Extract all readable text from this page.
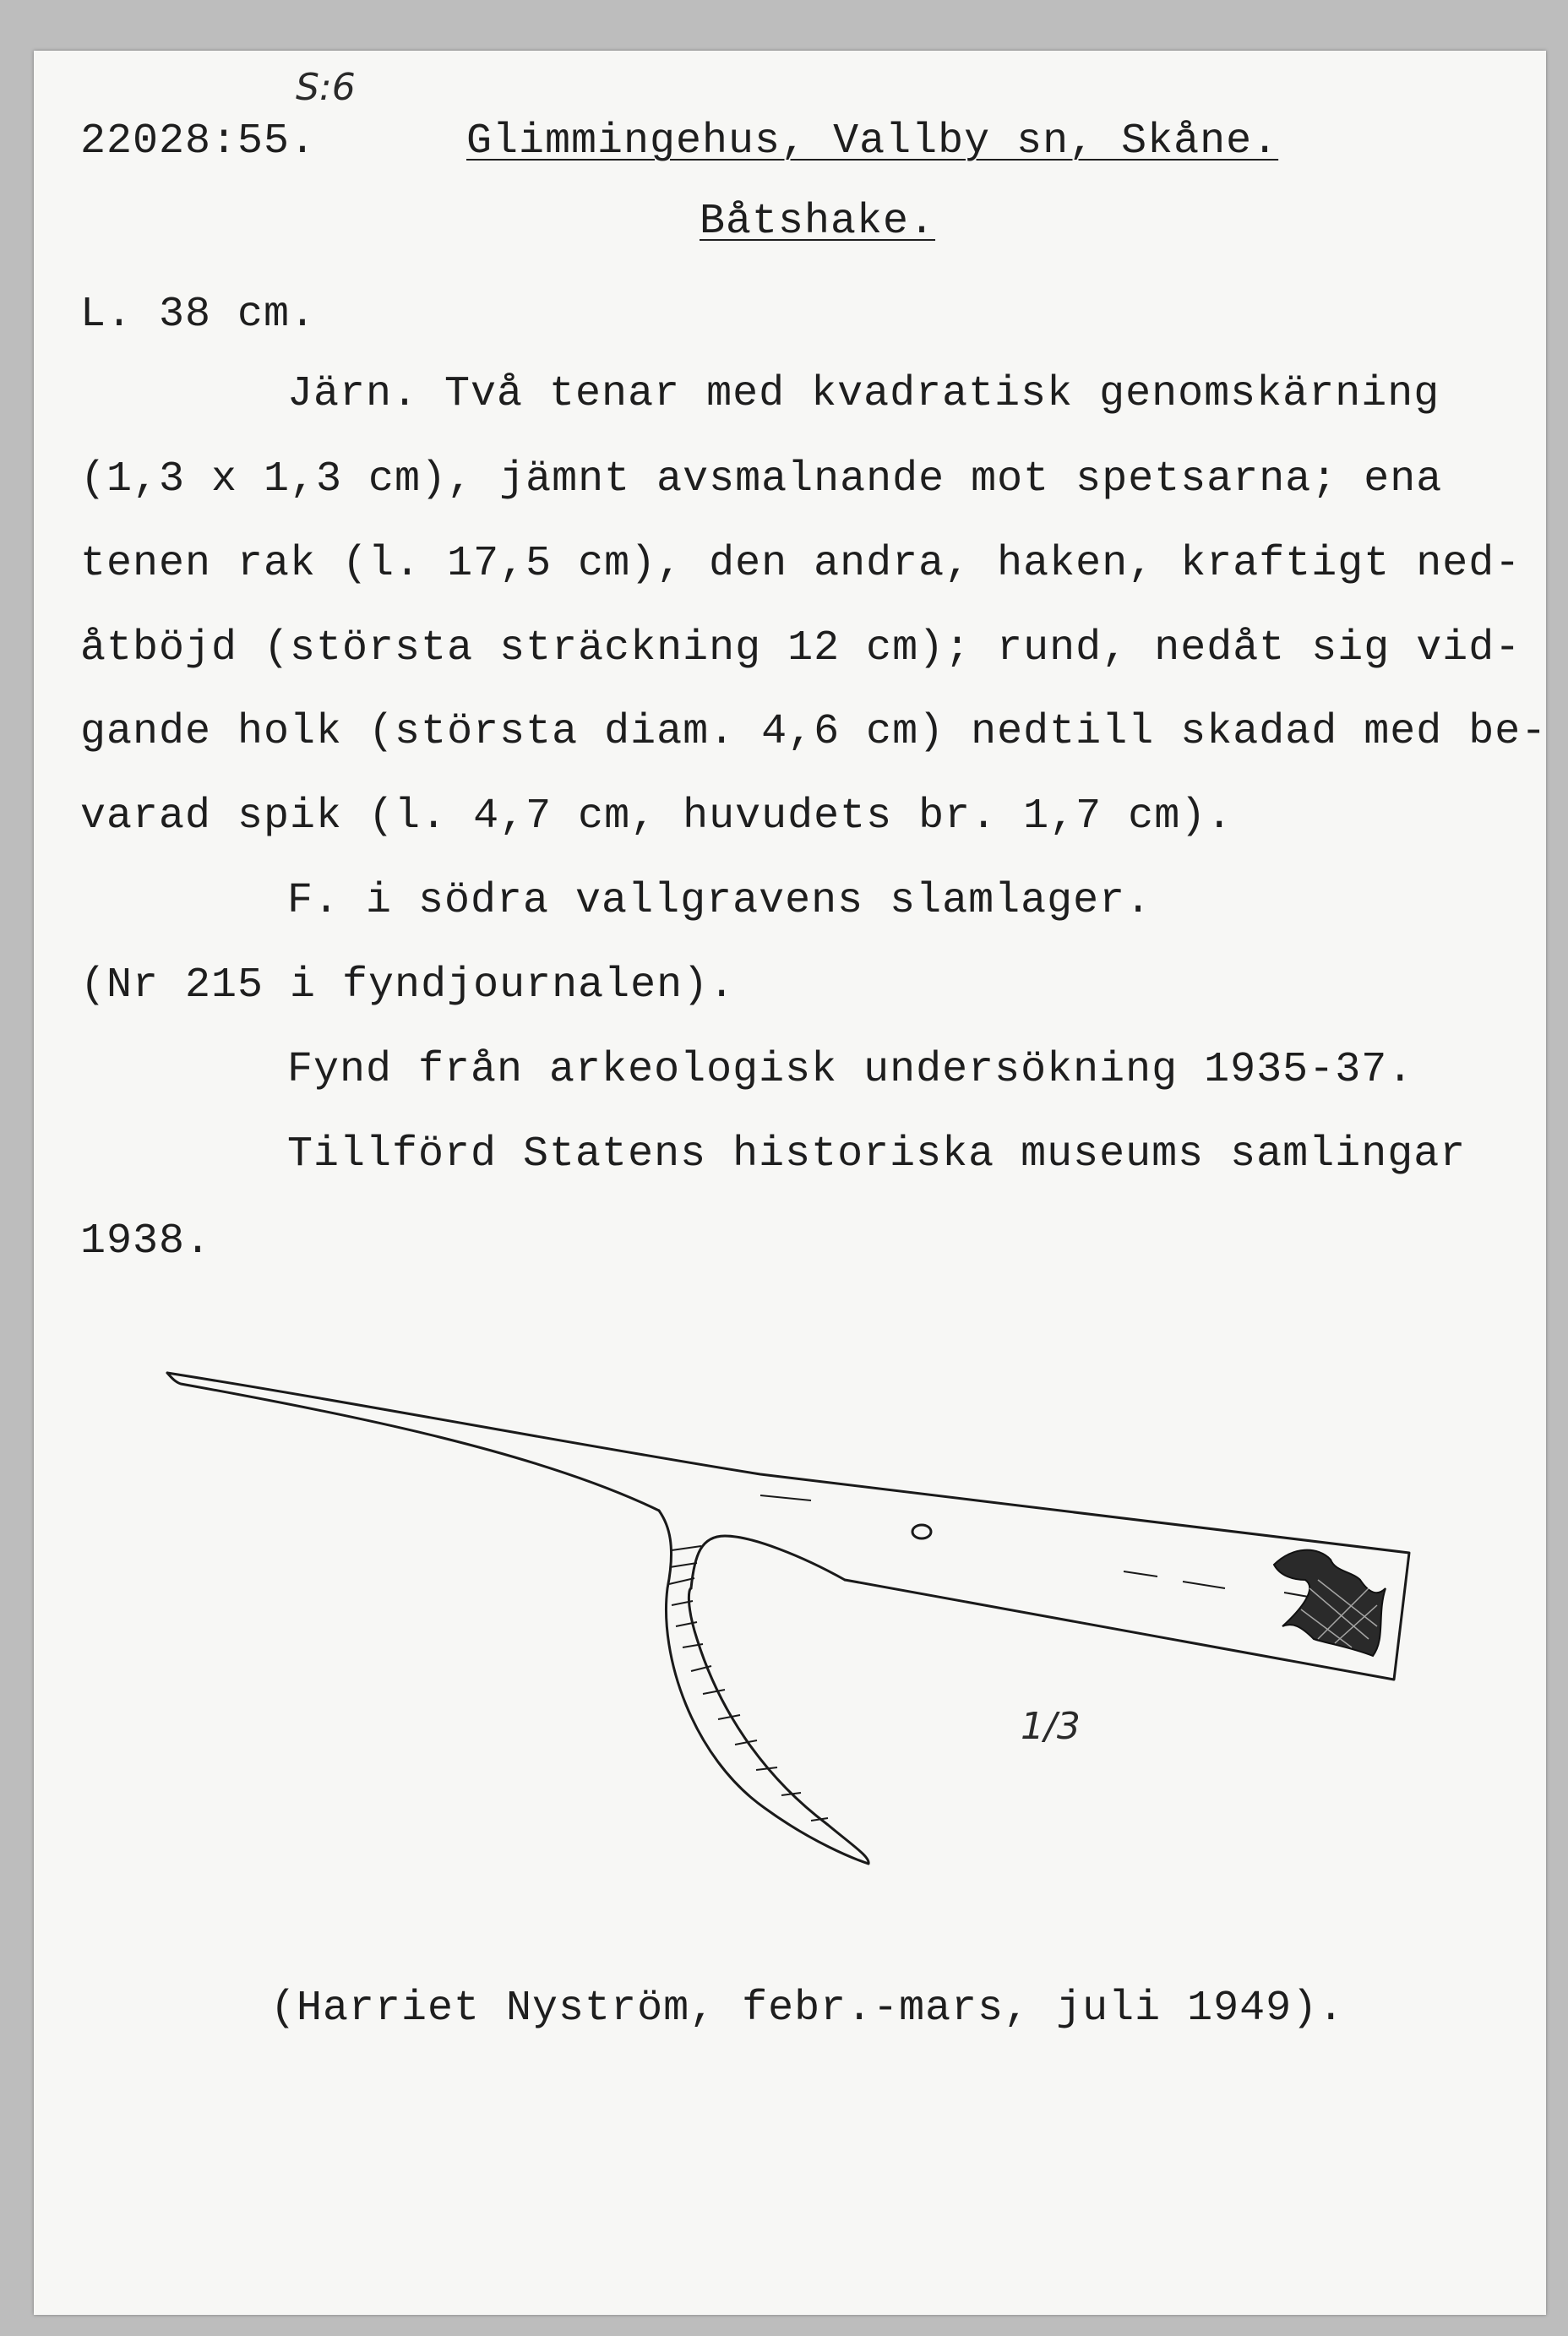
S:6
22028:55.	Glimmingehus, Vallby sn, Skåne.
Båtshake.
L. 38 cm.
Järn. Två tenar med kvadratisk genomskärning
(1,3 x 1,3 cm), jämnt avsmalnande mot spetsarna; ena
tenen rak (l. 17,5 cm), den andra, haken, kraftigt ned-
åtböjd (största sträckning 12 cm); rund, nedåt sig vid-
gande holk (största diam. 4,6 cm) nedtill skadad med be-
varad spik (l. 4,7 cm, huvudets br. 1,7 cm).
F. i södra vallgravens slamlager.
(Nr 215 i fyndjournalen).
Fynd från arkeologisk undersökning 1935-37.
Tillförd Statens historiska museums samlingar
1938.
1/3
(Harriet Nyström, febr.-mars, juli 1949).
